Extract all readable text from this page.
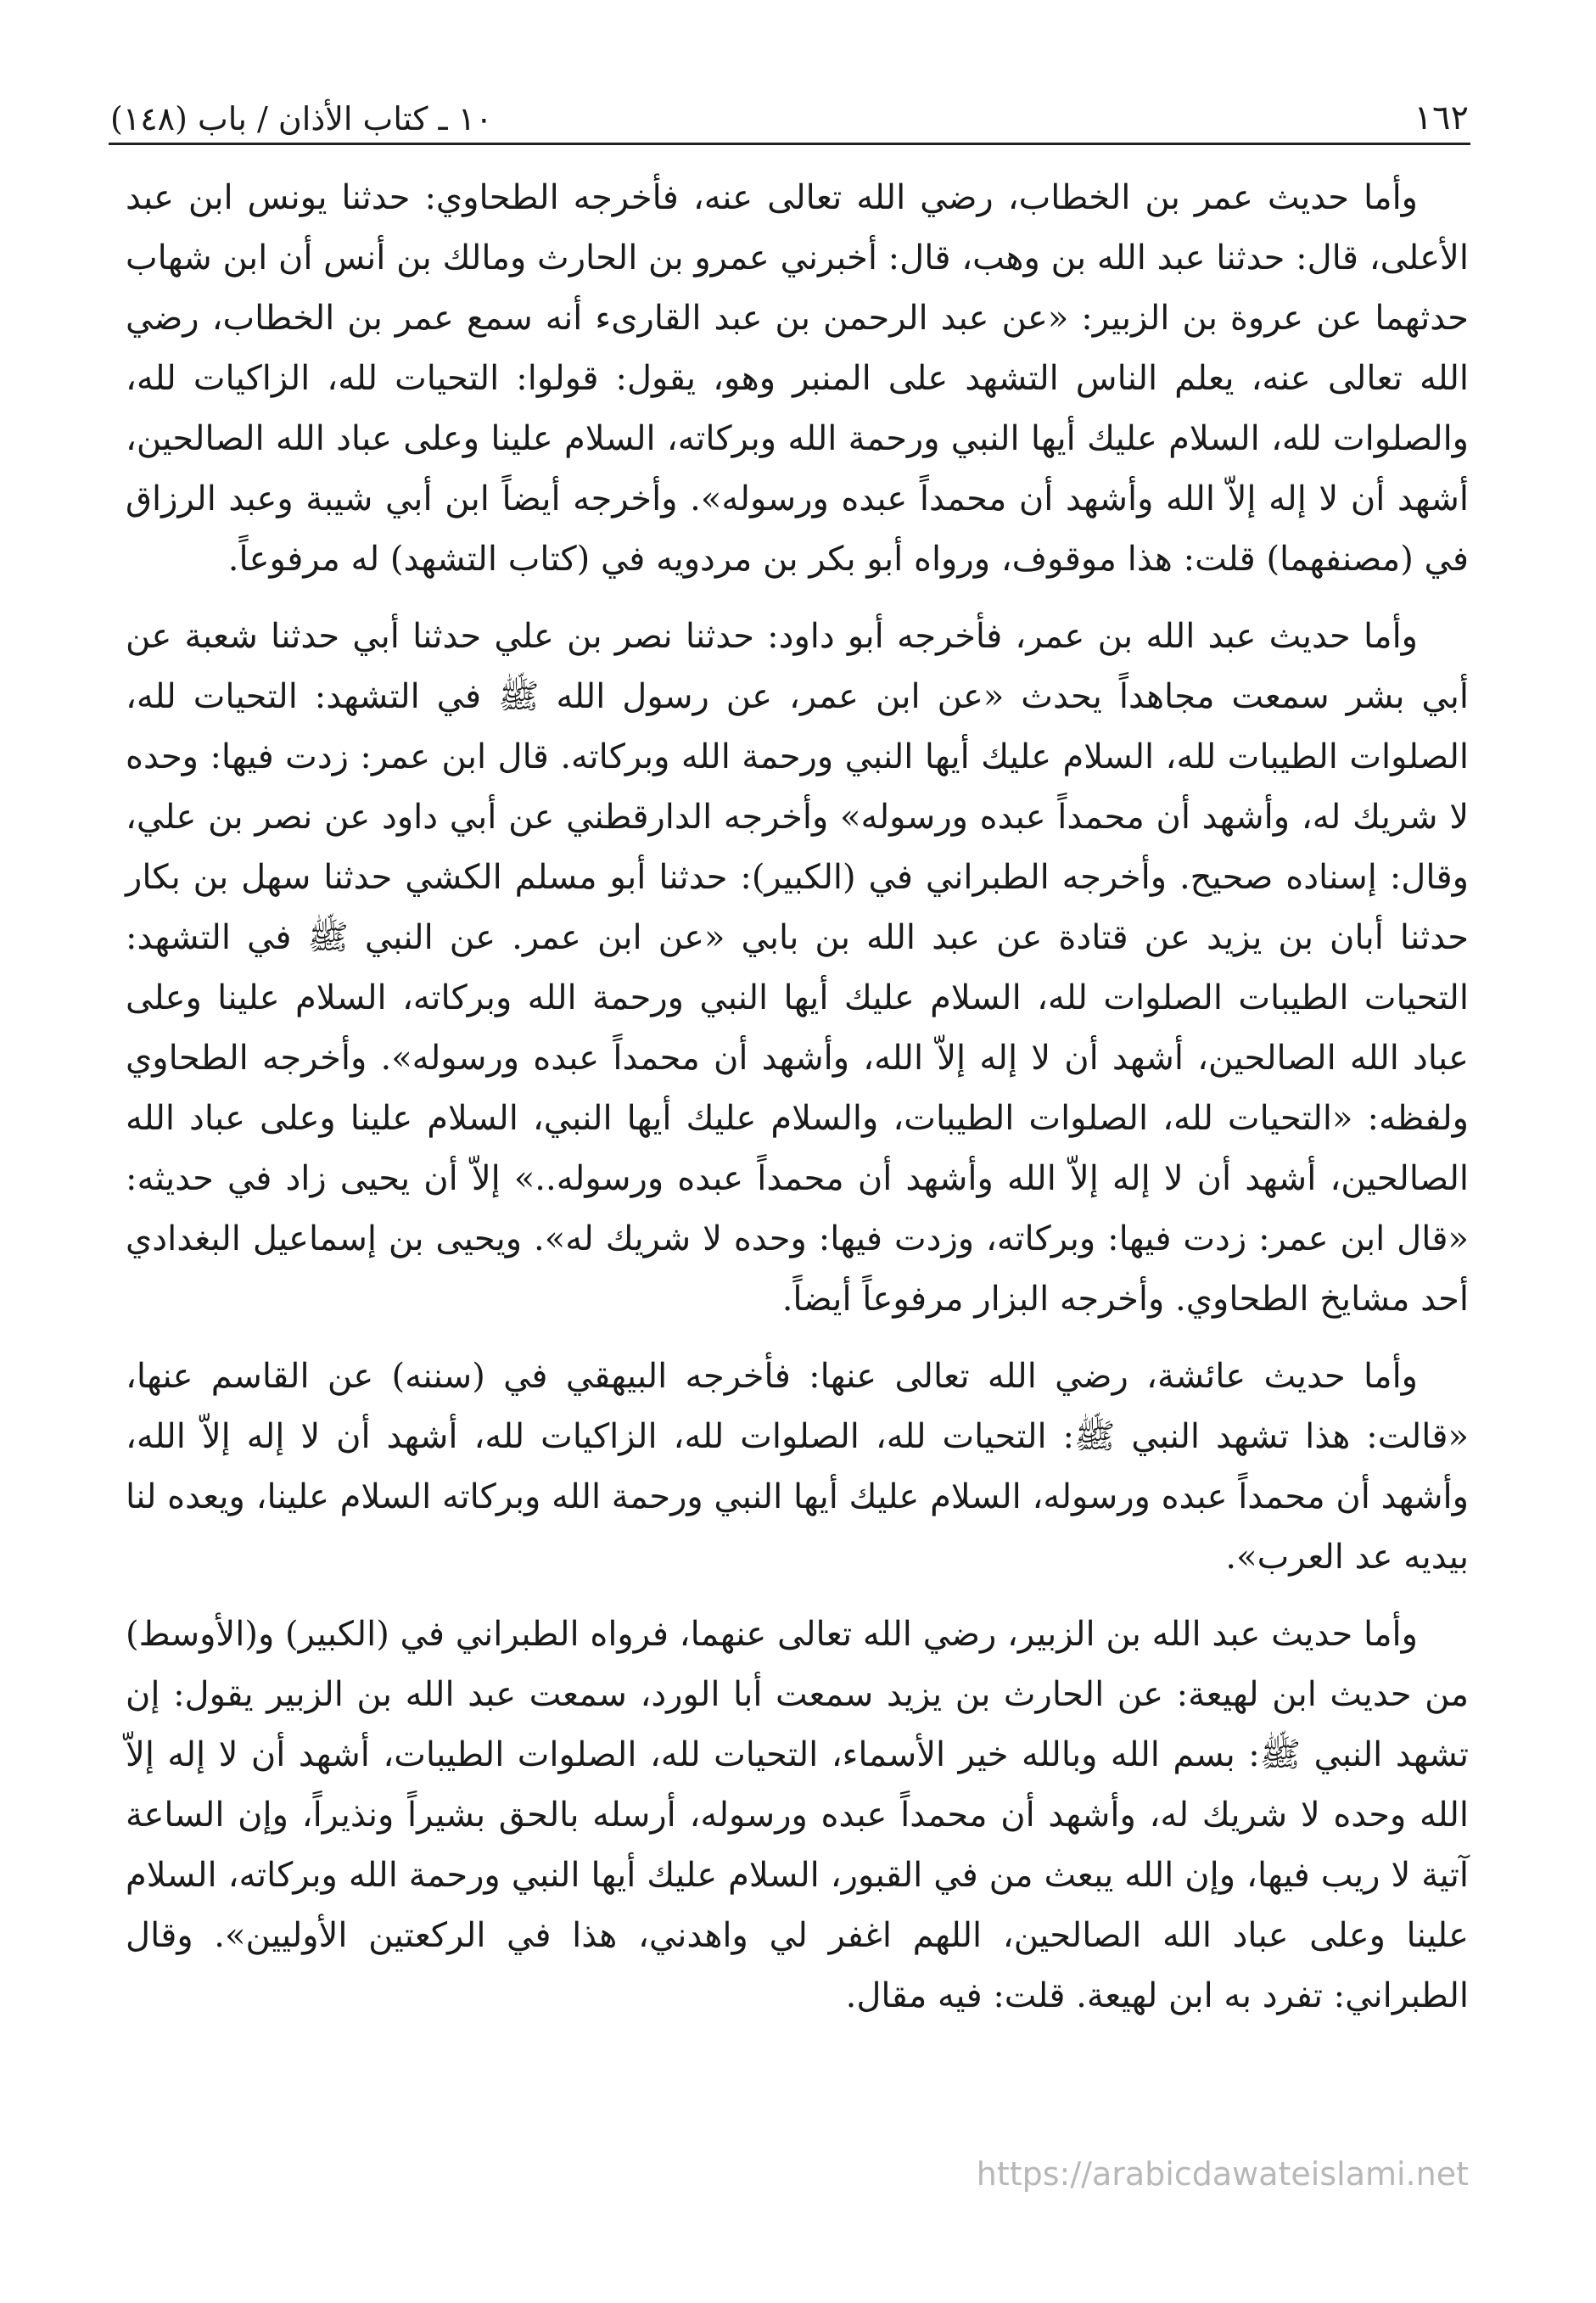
١٦٢
١٠ ـ كتاب الأذان / باب (١٤٨)

وأما حديث عمر بن الخطاب، رضي الله تعالى عنه، فأخرجه الطحاوي: حدثنا يونس ابن عبد الأعلى، قال: حدثنا عبد الله بن وهب، قال: أخبرني عمرو بن الحارث ومالك بن أنس أن ابن شهاب حدثهما عن عروة بن الزبير: «عن عبد الرحمن بن عبد القارىء أنه سمع عمر بن الخطاب، رضي الله تعالى عنه، يعلم الناس التشهد على المنبر وهو، يقول: قولوا: التحيات لله، الزاكيات لله، والصلوات لله، السلام عليك أيها النبي ورحمة الله وبركاته، السلام علينا وعلى عباد الله الصالحين، أشهد أن لا إله إلاّ الله وأشهد أن محمداً عبده ورسوله». وأخرجه أيضاً ابن أبي شيبة وعبد الرزاق في (مصنفهما) قلت: هذا موقوف، ورواه أبو بكر بن مردويه في (كتاب التشهد) له مرفوعاً.

وأما حديث عبد الله بن عمر، فأخرجه أبو داود: حدثنا نصر بن علي حدثنا أبي حدثنا شعبة عن أبي بشر سمعت مجاهداً يحدث «عن ابن عمر، عن رسول الله ﷺ في التشهد: التحيات لله، الصلوات الطيبات لله، السلام عليك أيها النبي ورحمة الله وبركاته. قال ابن عمر: زدت فيها: وحده لا شريك له، وأشهد أن محمداً عبده ورسوله» وأخرجه الدارقطني عن أبي داود عن نصر بن علي، وقال: إسناده صحيح. وأخرجه الطبراني في (الكبير): حدثنا أبو مسلم الكشي حدثنا سهل بن بكار حدثنا أبان بن يزيد عن قتادة عن عبد الله بن بابي «عن ابن عمر. عن النبي ﷺ في التشهد: التحيات الطيبات الصلوات لله، السلام عليك أيها النبي ورحمة الله وبركاته، السلام علينا وعلى عباد الله الصالحين، أشهد أن لا إله إلاّ الله، وأشهد أن محمداً عبده ورسوله». وأخرجه الطحاوي ولفظه: «التحيات لله، الصلوات الطيبات، والسلام عليك أيها النبي، السلام علينا وعلى عباد الله الصالحين، أشهد أن لا إله إلاّ الله وأشهد أن محمداً عبده ورسوله..» إلاّ أن يحيى زاد في حديثه: «قال ابن عمر: زدت فيها: وبركاته، وزدت فيها: وحده لا شريك له». ويحيى بن إسماعيل البغدادي أحد مشايخ الطحاوي. وأخرجه البزار مرفوعاً أيضاً.

وأما حديث عائشة، رضي الله تعالى عنها: فأخرجه البيهقي في (سننه) عن القاسم عنها، «قالت: هذا تشهد النبي ﷺ: التحيات لله، الصلوات لله، الزاكيات لله، أشهد أن لا إله إلاّ الله، وأشهد أن محمداً عبده ورسوله، السلام عليك أيها النبي ورحمة الله وبركاته السلام علينا، ويعده لنا بيديه عد العرب».

وأما حديث عبد الله بن الزبير، رضي الله تعالى عنهما، فرواه الطبراني في (الكبير) و(الأوسط) من حديث ابن لهيعة: عن الحارث بن يزيد سمعت أبا الورد، سمعت عبد الله بن الزبير يقول: إن تشهد النبي ﷺ: بسم الله وبالله خير الأسماء، التحيات لله، الصلوات الطيبات، أشهد أن لا إله إلاّ الله وحده لا شريك له، وأشهد أن محمداً عبده ورسوله، أرسله بالحق بشيراً ونذيراً، وإن الساعة آتية لا ريب فيها، وإن الله يبعث من في القبور، السلام عليك أيها النبي ورحمة الله وبركاته، السلام علينا وعلى عباد الله الصالحين، اللهم اغفر لي واهدني، هذا في الركعتين الأوليين». وقال الطبراني: تفرد به ابن لهيعة. قلت: فيه مقال.

https://arabicdawateislami.net
